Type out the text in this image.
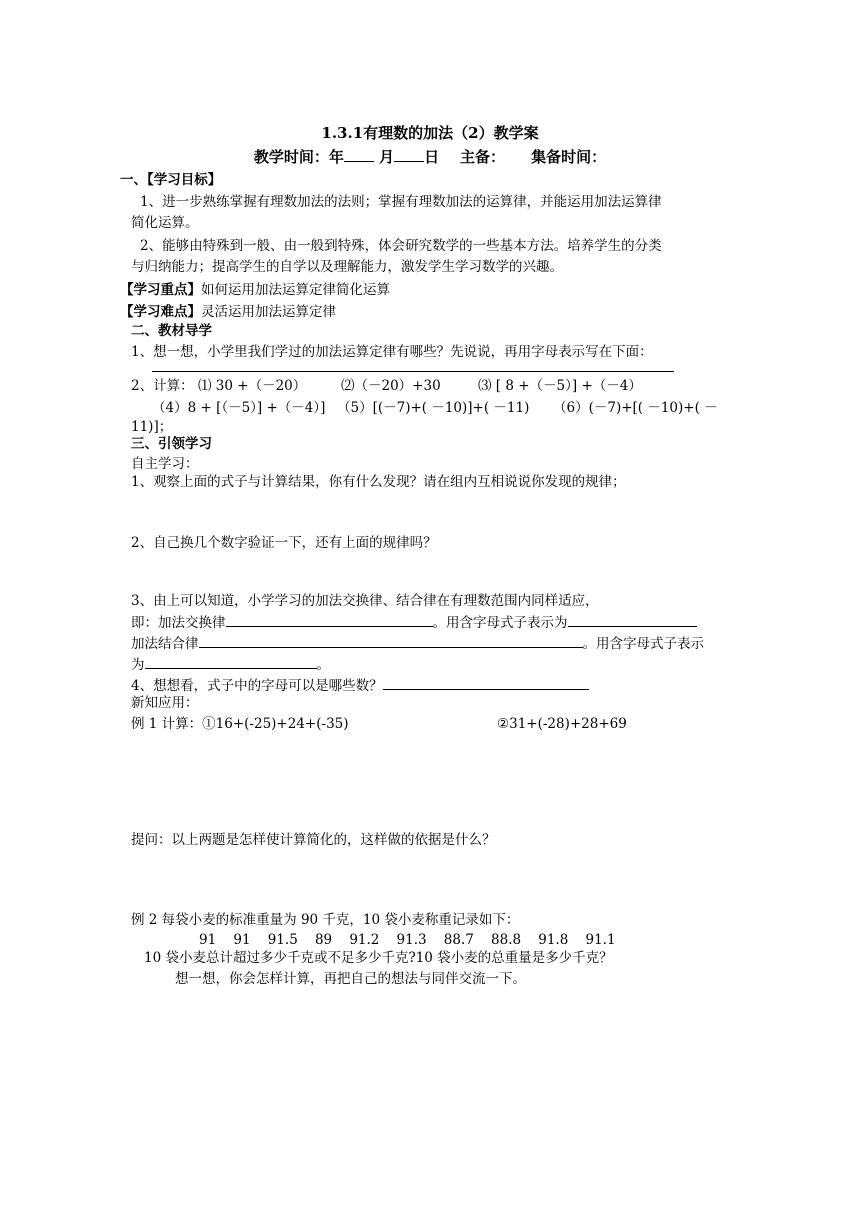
1.3.1有理数的加法（2）教学案
教学时间：年 月 日 主备： 集备时间：
一、【学习目标】
1、进一步熟练掌握有理数加法的法则；掌握有理数加法的运算律，并能运用加法运算律
简化运算。
2、能够由特殊到一般、由一般到特殊，体会研究数学的一些基本方法。培养学生的分类
与归纳能力；提高学生的自学以及理解能力，激发学生学习数学的兴趣。
【学习重点】如何运用加法运算定律简化运算
【学习难点】灵活运用加法运算定律
二、教材导学
1、想一想，小学里我们学过的加法运算定律有哪些？先说说，再用字母表示写在下面：
2、计算： ⑴ 30 +（－20）	⑵（－20）+30	⑶ [ 8 +（－5）] +（－4）
（4）8 + [（－5）] +（－4）] （5）[(－7)+( －10)]+( －11) （6）(－7)+[( －10)+( －
11)]；
三、引领学习
自主学习：
1、观察上面的式子与计算结果，你有什么发现？请在组内互相说说你发现的规律；
2、自己换几个数字验证一下，还有上面的规律吗？
3、由上可以知道，小学学习的加法交换律、结合律在有理数范围内同样适应，
即：加法交换律	。用含字母式子表示为
加法结合律	。用含字母式子表示
为	。
4、想想看，式子中的字母可以是哪些数？
新知应用：
例 1 计算：①16+(-25)+24+(-35)	②31+(-28)+28+69
提问：以上两题是怎样使计算简化的，这样做的依据是什么？
例 2 每袋小麦的标准重量为 90 千克，10 袋小麦称重记录如下：
91 91 91.5 89 91.2 91.3 88.7 88.8 91.8 91.1
10 袋小麦总计超过多少千克或不足多少千克?10 袋小麦的总重量是多少千克？
想一想，你会怎样计算，再把自己的想法与同伴交流一下。
